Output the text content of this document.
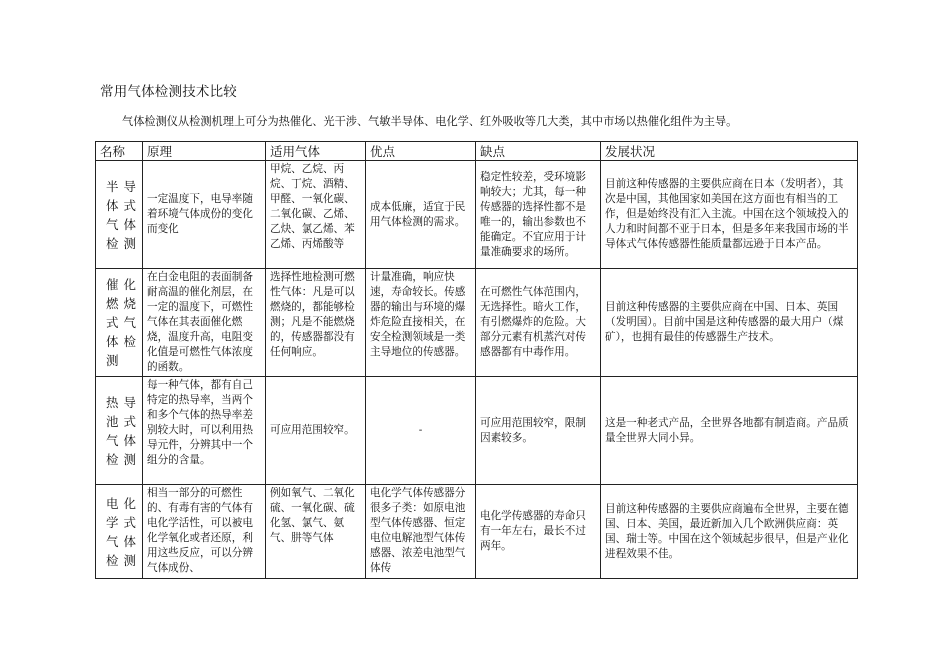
常用气体检测技术比较
气体检测仪从检测机理上可分为热催化、光干涉、气敏半导体、电化学、红外吸收等几大类，其中市场以热催化组件为主导。
名称	原理	适用气体	优点	缺点	发展状况
半导体式气体检测	一定温度下，电导率随着环境气体成份的变化而变化	甲烷、乙烷、丙烷、丁烷、酒精、甲醛、一氧化碳、二氧化碳、乙烯、乙炔、氯乙烯、苯乙烯、丙烯酸等	成本低廉，适宜于民用气体检测的需求。	稳定性较差，受环境影响较大；尤其，每一种传感器的选择性都不是唯一的，输出参数也不能确定。不宜应用于计量准确要求的场所。	目前这种传感器的主要供应商在日本（发明者），其次是中国，其他国家如美国在这方面也有相当的工作，但是始终没有汇入主流。中国在这个领域投入的人力和时间都不亚于日本，但是多年来我国市场的半导体式气体传感器性能质量都远逊于日本产品。
催化燃烧式气体检测	在白金电阻的表面制备耐高温的催化剂层，在一定的温度下，可燃性气体在其表面催化燃烧，温度升高，电阻变化值是可燃性气体浓度的函数。	选择性地检测可燃性气体：凡是可以燃烧的，都能够检测；凡是不能燃烧的，传感器都没有任何响应。	计量准确，响应快速，寿命较长。传感器的输出与环境的爆炸危险直接相关，在安全检测领域是一类主导地位的传感器。	在可燃性气体范围内，无选择性。暗火工作，有引燃爆炸的危险。大部分元素有机蒸汽对传感器都有中毒作用。	目前这种传感器的主要供应商在中国、日本、英国（发明国）。目前中国是这种传感器的最大用户（煤矿），也拥有最佳的传感器生产技术。
热导池式气体检测	每一种气体，都有自己特定的热导率，当两个和多个气体的热导率差别较大时，可以利用热导元件，分辨其中一个组分的含量。	可应用范围较窄。	-	可应用范围较窄，限制因素较多。	这是一种老式产品，全世界各地都有制造商。产品质量全世界大同小异。
电化学式气体检测	相当一部分的可燃性的、有毒有害的气体有电化学活性，可以被电化学氧化或者还原，利用这些反应，可以分辨气体成份、	例如氧气、二氧化硫、一氧化碳、硫化氢、氯气、氨气、肼等气体	电化学气体传感器分很多子类：如原电池型气体传感器、恒定电位电解池型气体传感器、浓差电池型气体传	电化学传感器的寿命只有一年左右，最长不过两年。	目前这种传感器的主要供应商遍布全世界，主要在德国、日本、美国，最近新加入几个欧洲供应商：英国、瑞士等。中国在这个领域起步很早，但是产业化进程效果不佳。
